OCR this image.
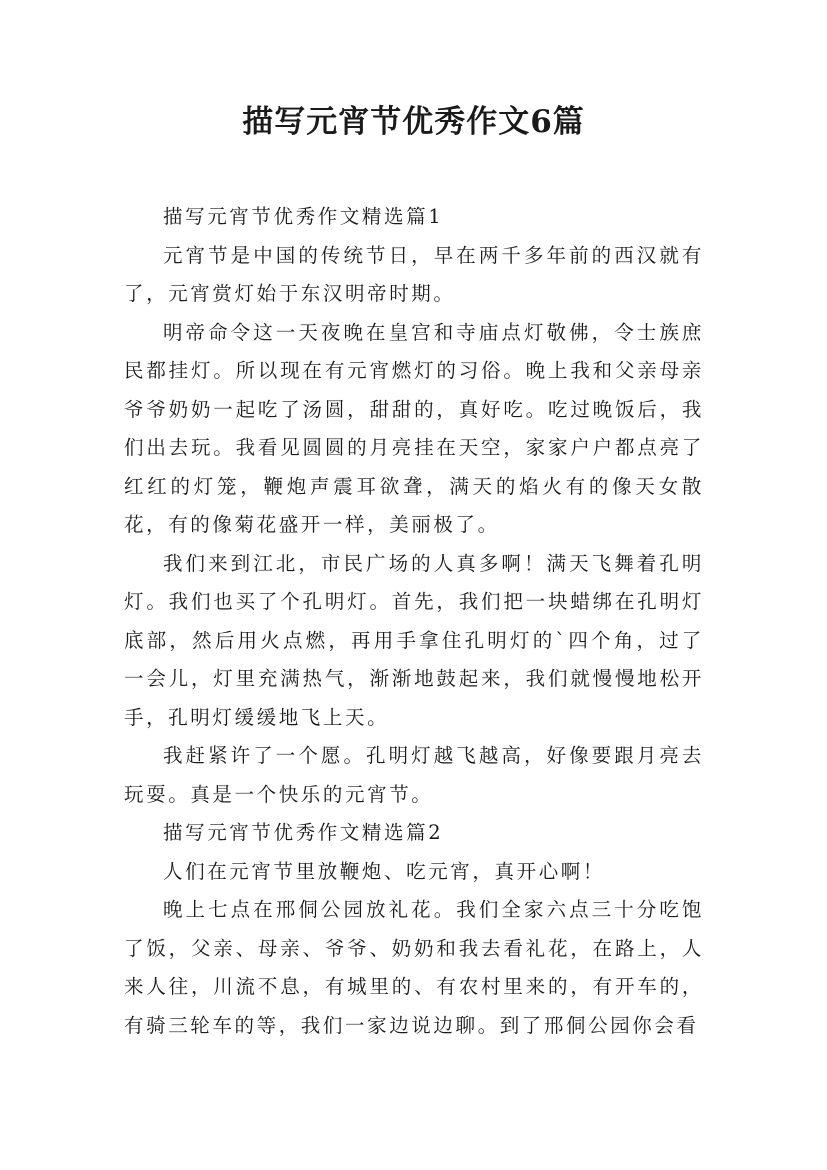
描写元宵节优秀作文6篇

描写元宵节优秀作文精选篇1

元宵节是中国的传统节日，早在两千多年前的西汉就有了，元宵赏灯始于东汉明帝时期。

明帝命令这一天夜晚在皇宫和寺庙点灯敬佛，令士族庶民都挂灯。所以现在有元宵燃灯的习俗。晚上我和父亲母亲爷爷奶奶一起吃了汤圆，甜甜的，真好吃。吃过晚饭后，我们出去玩。我看见圆圆的月亮挂在天空，家家户户都点亮了红红的灯笼，鞭炮声震耳欲聋，满天的焰火有的像天女散花，有的像菊花盛开一样，美丽极了。

我们来到江北，市民广场的人真多啊！满天飞舞着孔明灯。我们也买了个孔明灯。首先，我们把一块蜡绑在孔明灯底部，然后用火点燃，再用手拿住孔明灯的`四个角，过了一会儿，灯里充满热气，渐渐地鼓起来，我们就慢慢地松开手，孔明灯缓缓地飞上天。

我赶紧许了一个愿。孔明灯越飞越高，好像要跟月亮去玩耍。真是一个快乐的元宵节。

描写元宵节优秀作文精选篇2

人们在元宵节里放鞭炮、吃元宵，真开心啊！

晚上七点在邢侗公园放礼花。我们全家六点三十分吃饱了饭，父亲、母亲、爷爷、奶奶和我去看礼花，在路上，人来人往，川流不息，有城里的、有农村里来的，有开车的，有骑三轮车的等，我们一家边说边聊。到了邢侗公园你会看
